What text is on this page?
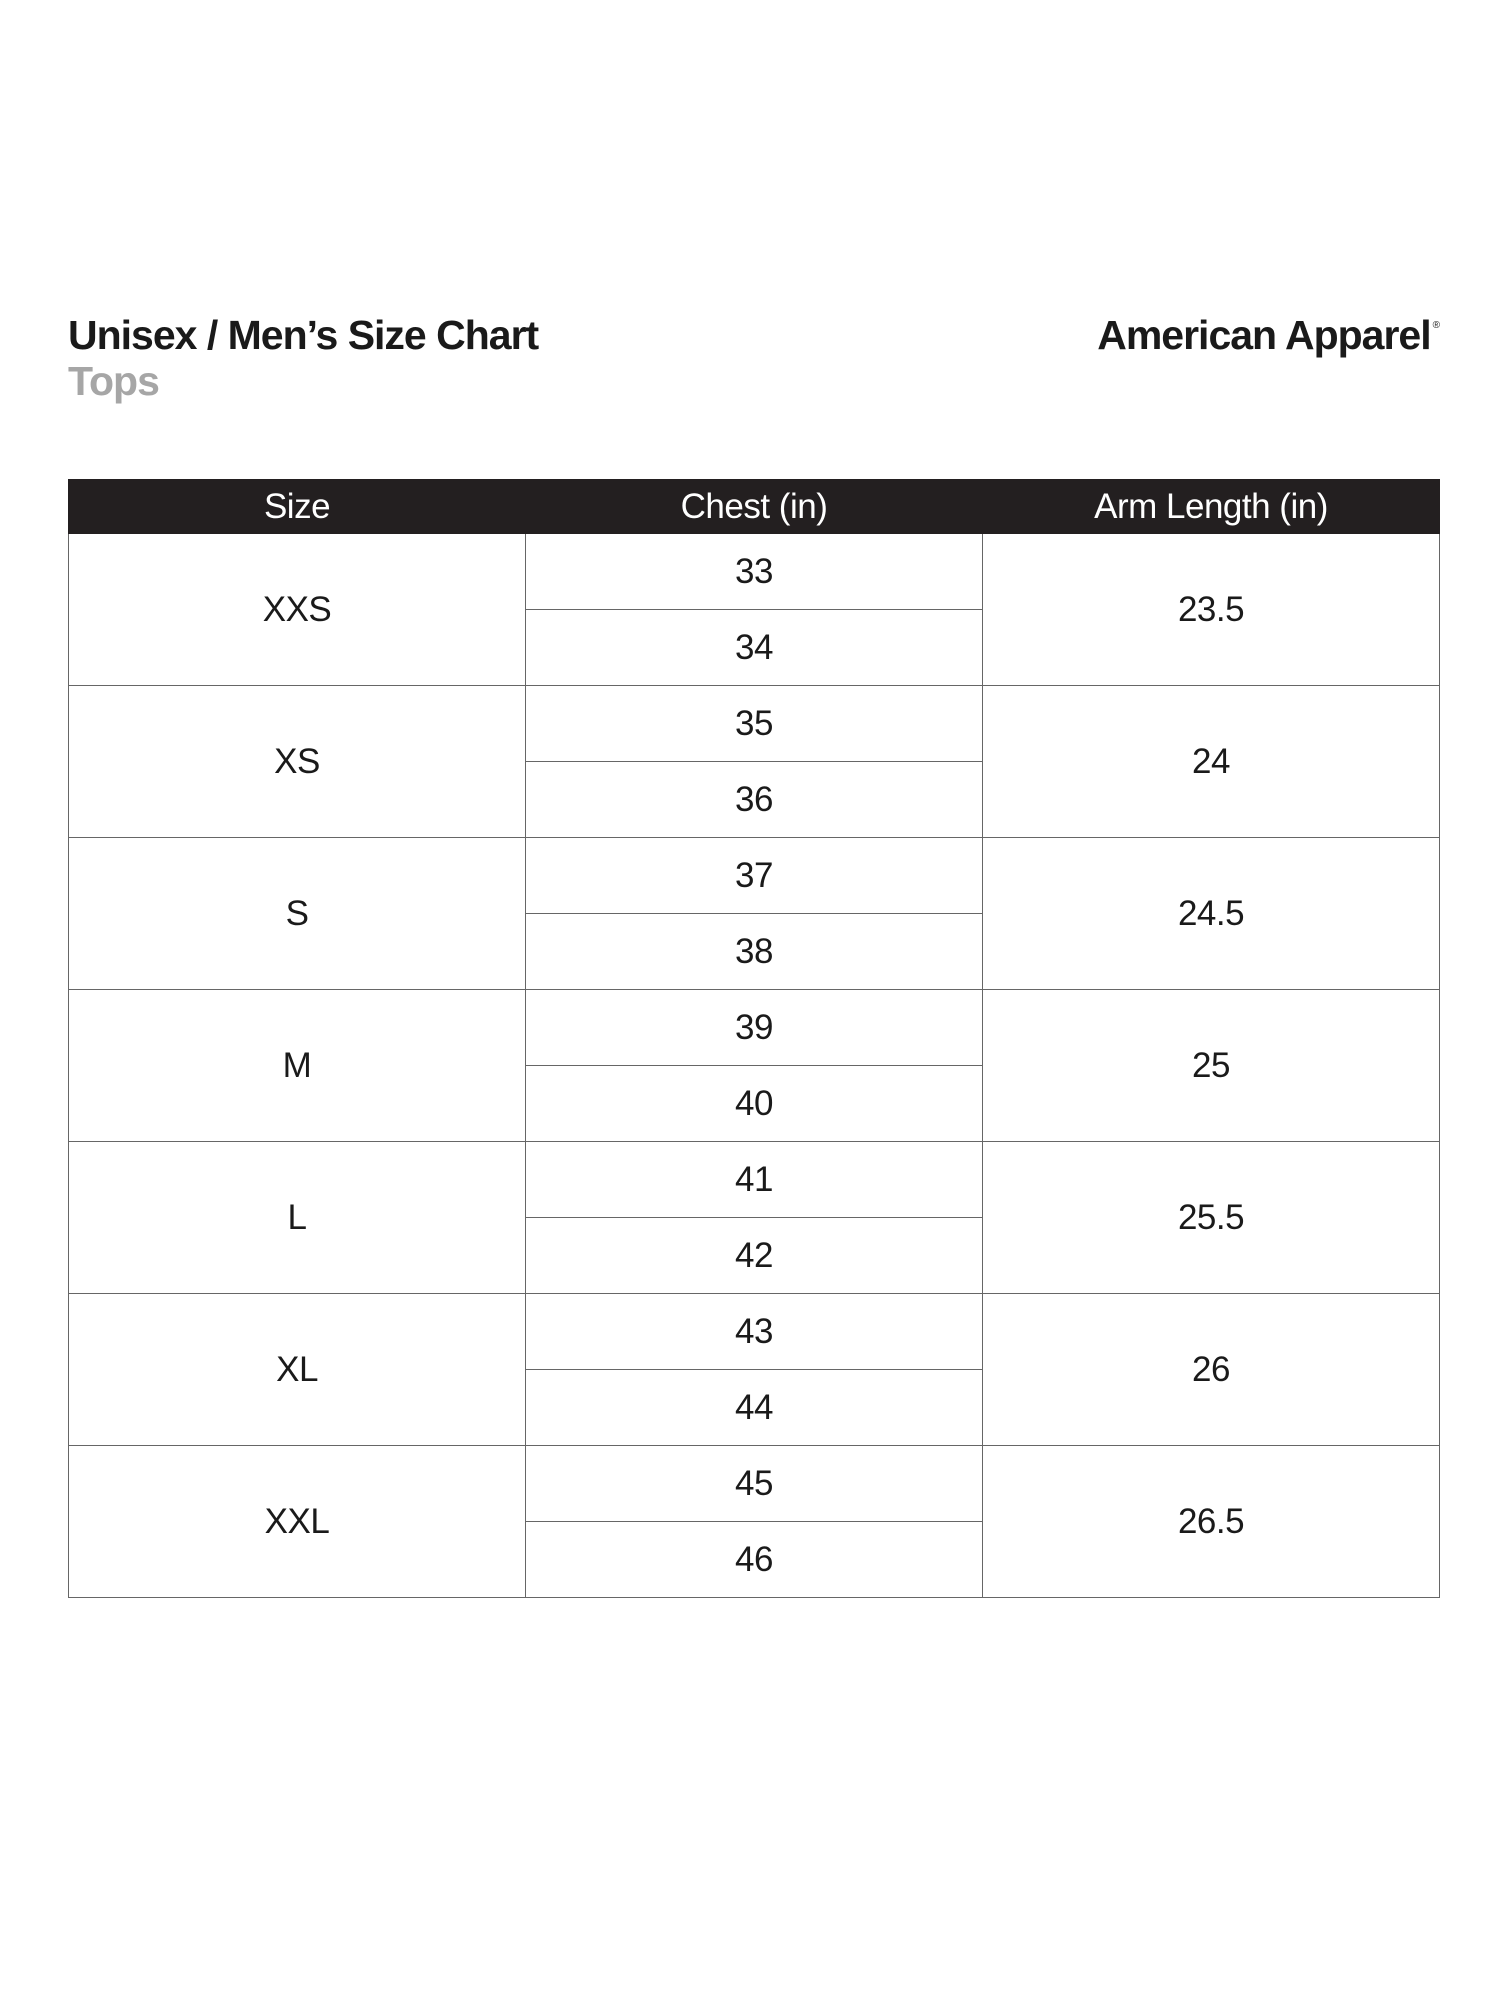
Unisex / Men’s Size Chart
Tops
American Apparel ®
Size	Chest (in)	Arm Length (in)
XXS	33	23.5
	34	
XS	35	24
	36	
S	37	24.5
	38	
M	39	25
	40	
L	41	25.5
	42	
XL	43	26
	44	
XXL	45	26.5
	46	
